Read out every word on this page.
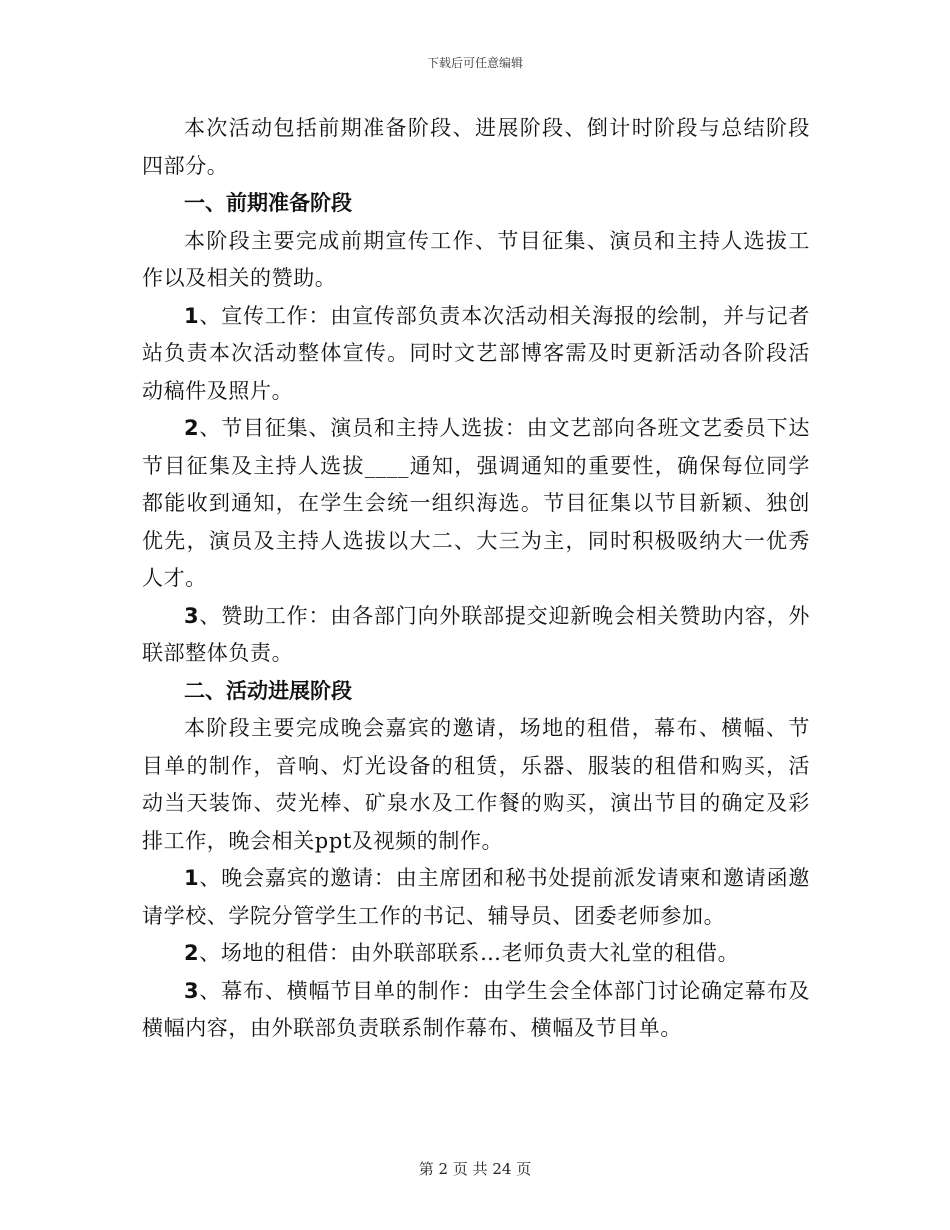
下载后可任意编辑

本次活动包括前期准备阶段、进展阶段、倒计时阶段与总结阶段四部分。

一、前期准备阶段

本阶段主要完成前期宣传工作、节目征集、演员和主持人选拔工作以及相关的赞助。

1、宣传工作：由宣传部负责本次活动相关海报的绘制，并与记者站负责本次活动整体宣传。同时文艺部博客需及时更新活动各阶段活动稿件及照片。

2、节目征集、演员和主持人选拔：由文艺部向各班文艺委员下达节目征集及主持人选拔____通知，强调通知的重要性，确保每位同学都能收到通知，在学生会统一组织海选。节目征集以节目新颖、独创优先，演员及主持人选拔以大二、大三为主，同时积极吸纳大一优秀人才。

3、赞助工作：由各部门向外联部提交迎新晚会相关赞助内容，外联部整体负责。

二、活动进展阶段

本阶段主要完成晚会嘉宾的邀请，场地的租借，幕布、横幅、节目单的制作，音响、灯光设备的租赁，乐器、服装的租借和购买，活动当天装饰、荧光棒、矿泉水及工作餐的购买，演出节目的确定及彩排工作，晚会相关ppt及视频的制作。

1、晚会嘉宾的邀请：由主席团和秘书处提前派发请柬和邀请函邀请学校、学院分管学生工作的书记、辅导员、团委老师参加。

2、场地的租借：由外联部联系…老师负责大礼堂的租借。

3、幕布、横幅节目单的制作：由学生会全体部门讨论确定幕布及横幅内容，由外联部负责联系制作幕布、横幅及节目单。

第 2 页 共 24 页
